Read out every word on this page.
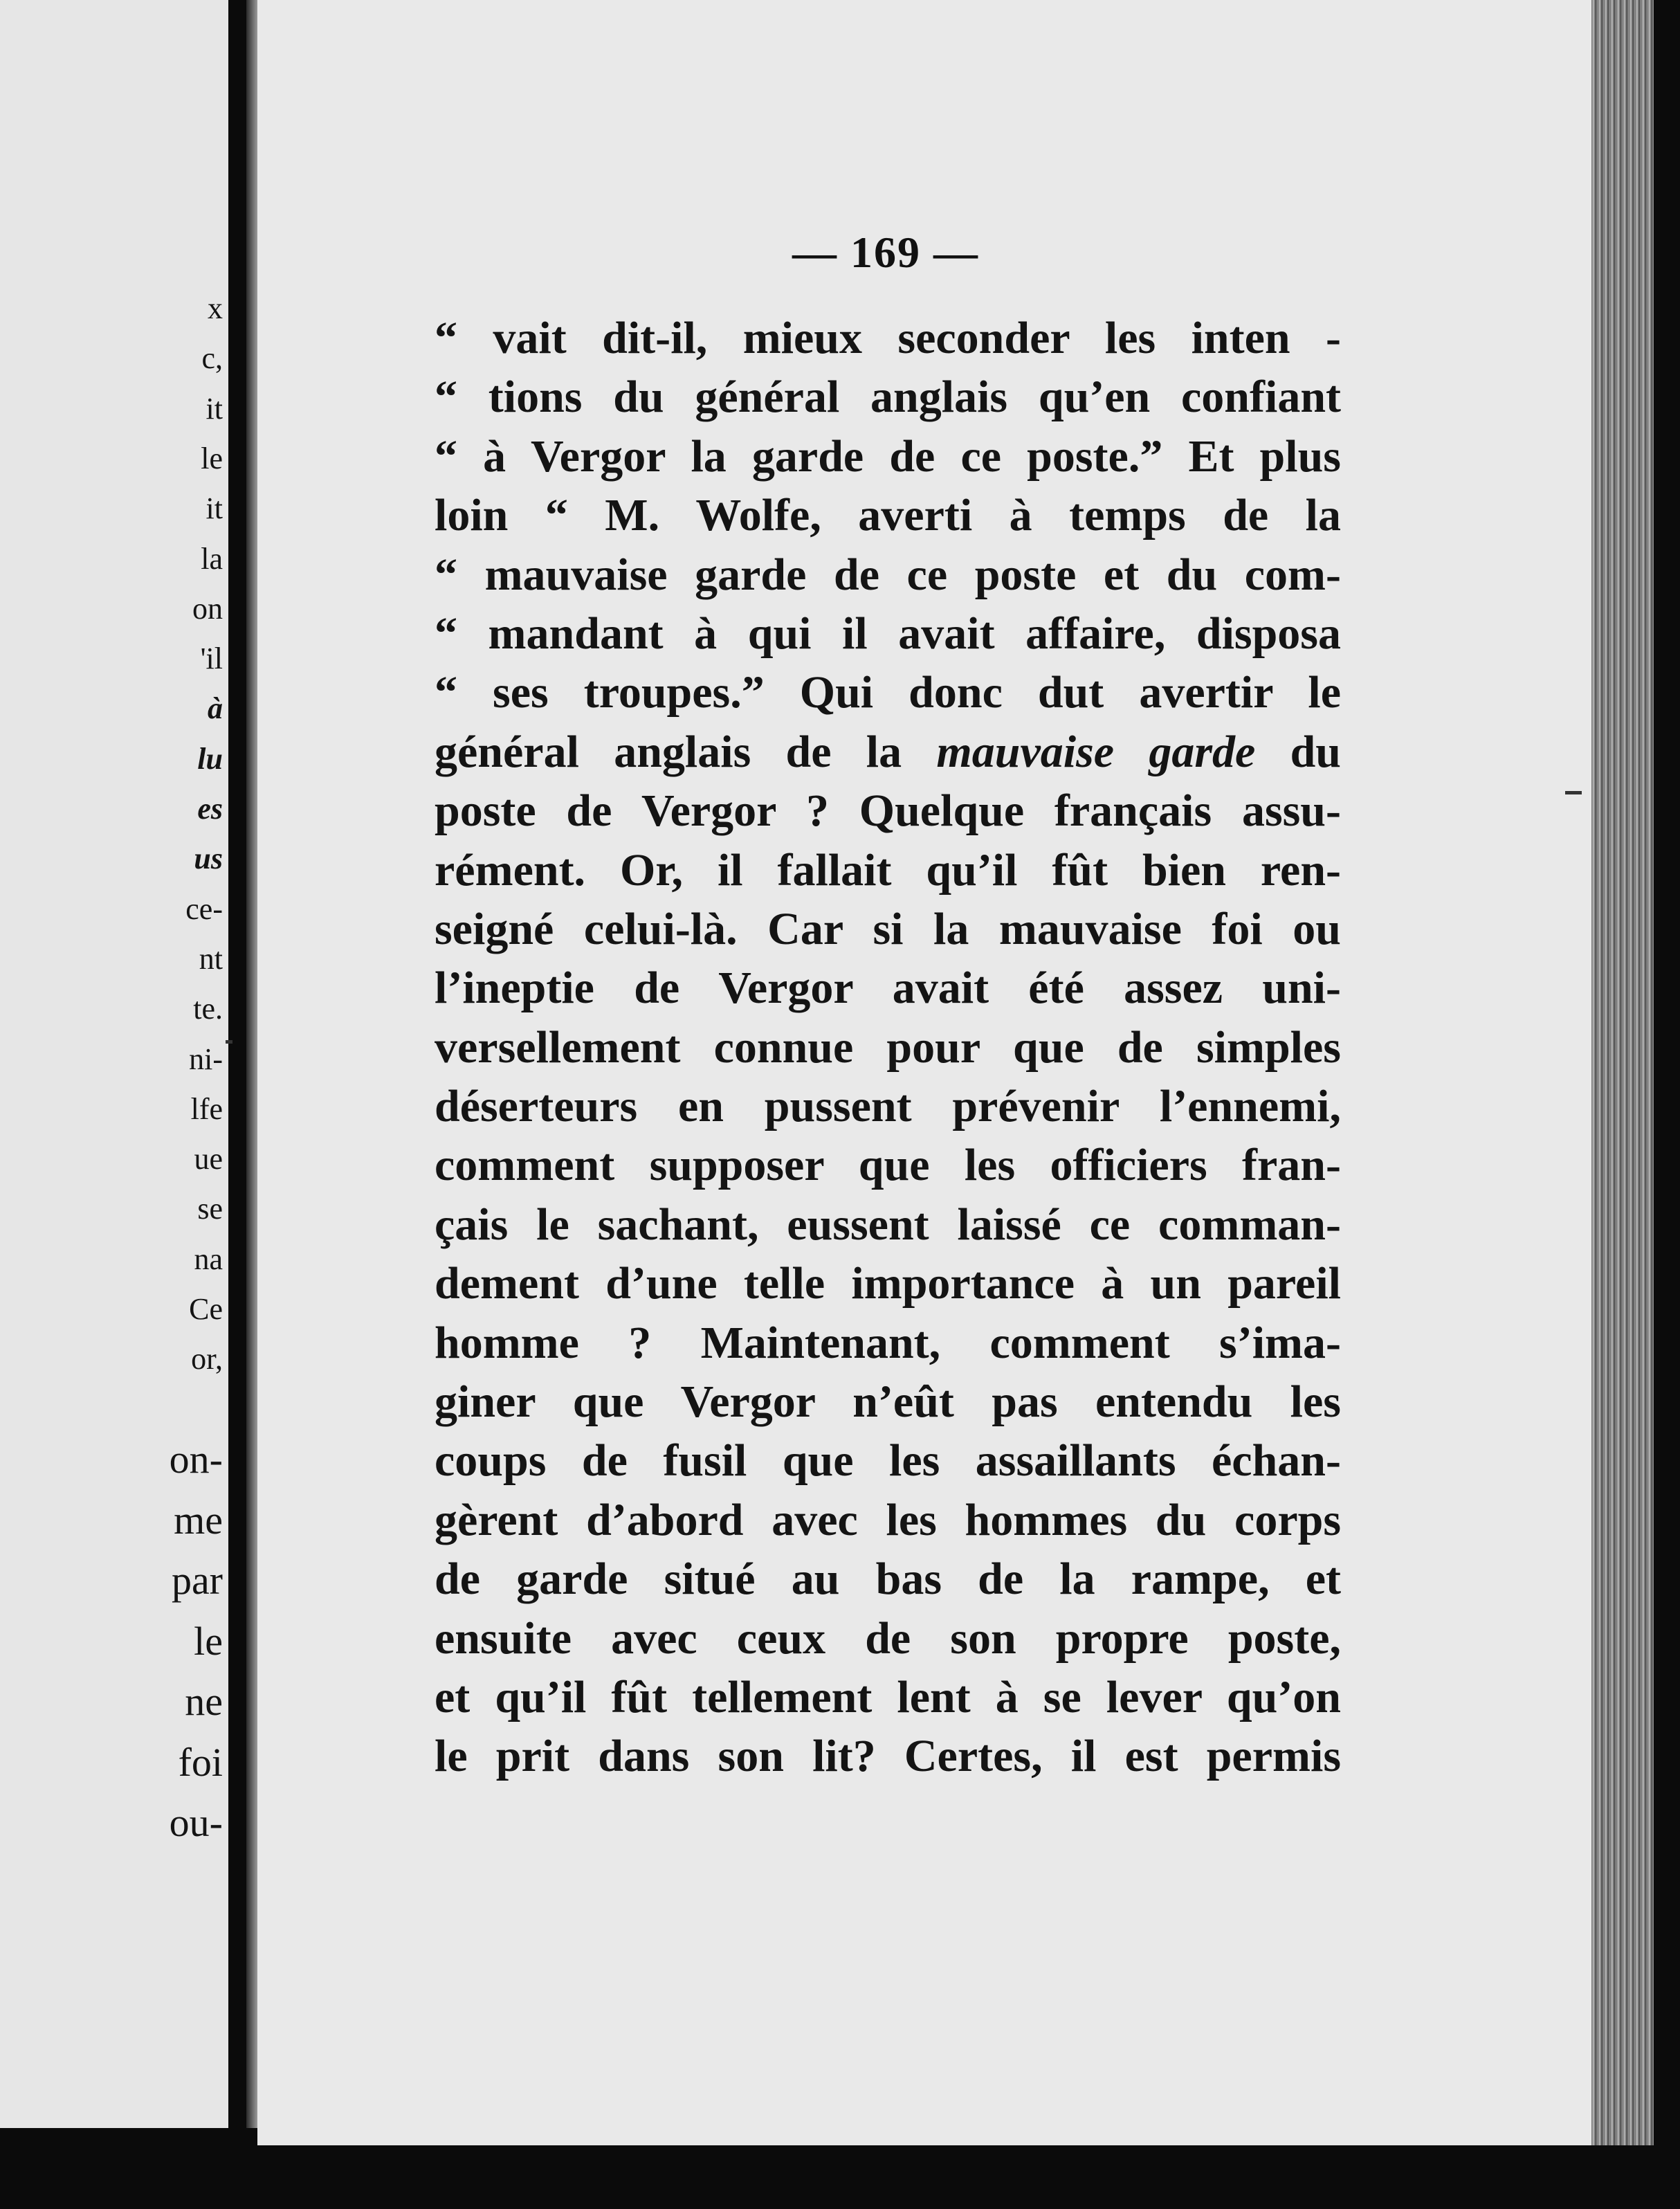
x
c,
it
le
it
la
on
'il
à
lu
es
us
ce-
nt
te.
ni-
lfe
ue
se
na
Ce
or,
on-
me
par
le
ne
foi
ou-
— 169 —
“ vait dit-il, mieux seconder les inten -
“ tions du général anglais qu’en confiant
“ à Vergor la garde de ce poste.” Et plus
loin “ M. Wolfe, averti à temps de la
“ mauvaise garde de ce poste et du com-
“ mandant à qui il avait affaire, disposa
“ ses troupes.” Qui donc dut avertir le
général anglais de la mauvaise garde du
poste de Vergor ? Quelque français assu-
rément. Or, il fallait qu’il fût bien ren-
seigné celui-là. Car si la mauvaise foi ou
l’ineptie de Vergor avait été assez uni-
versellement connue pour que de simples
déserteurs en pussent prévenir l’ennemi,
comment supposer que les officiers fran-
çais le sachant, eussent laissé ce comman-
dement d’une telle importance à un pareil
homme ? Maintenant, comment s’ima-
giner que Vergor n’eût pas entendu les
coups de fusil que les assaillants échan-
gèrent d’abord avec les hommes du corps
de garde situé au bas de la rampe, et
ensuite avec ceux de son propre poste,
et qu’il fût tellement lent à se lever qu’on
le prit dans son lit? Certes, il est permis
